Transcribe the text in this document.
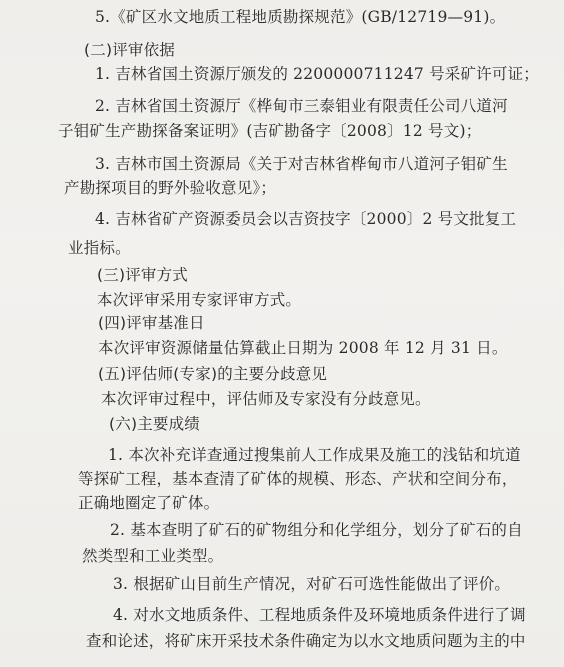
5.《矿区水文地质工程地质勘探规范》(GB/12719—91)。
(二)评审依据
1. 吉林省国土资源厅颁发的 2200000711247 号采矿许可证；
2. 吉林省国土资源厅《桦甸市三泰钼业有限责任公司八道河
子钼矿生产勘探备案证明》(吉矿勘备字〔2008〕12 号文)；
3. 吉林市国土资源局《关于对吉林省桦甸市八道河子钼矿生
产勘探项目的野外验收意见》；
4. 吉林省矿产资源委员会以吉资技字〔2000〕2 号文批复工
业指标。
(三)评审方式
本次评审采用专家评审方式。
(四)评审基准日
本次评审资源储量估算截止日期为 2008 年 12 月 31 日。
(五)评估师(专家)的主要分歧意见
本次评审过程中，评估师及专家没有分歧意见。
(六)主要成绩
1. 本次补充详查通过搜集前人工作成果及施工的浅钻和坑道
等探矿工程，基本查清了矿体的规模、形态、产状和空间分布，
正确地圈定了矿体。
2. 基本查明了矿石的矿物组分和化学组分，划分了矿石的自
然类型和工业类型。
3. 根据矿山目前生产情况，对矿石可选性能做出了评价。
4. 对水文地质条件、工程地质条件及环境地质条件进行了调
查和论述，将矿床开采技术条件确定为以水文地质问题为主的中
